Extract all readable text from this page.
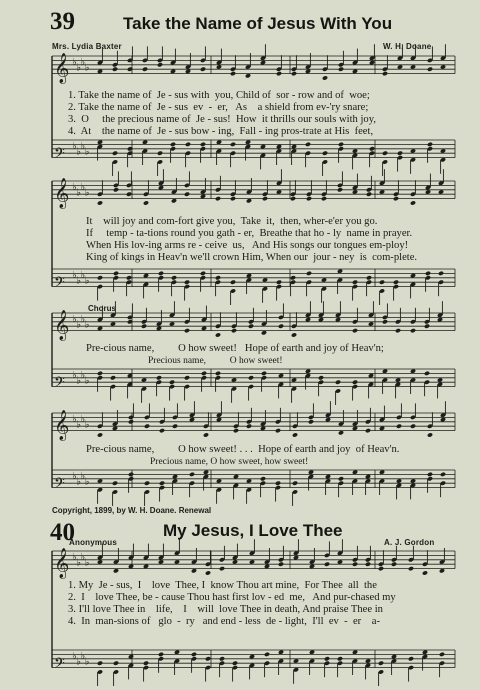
39	Take the Name of Jesus With You
Mrs. Lydia Baxter	W. H. Doane
𝄞 ♭ ♭ ♭ ♭
𝄢 ♭ ♭ ♭ ♭
𝄞 ♭ ♭ ♭ ♭
𝄢 ♭ ♭ ♭ ♭
𝄞 ♭ ♭ ♭ ♭
𝄢 ♭ ♭ ♭ ♭
𝄞 ♭ ♭ ♭ ♭
𝄢 ♭ ♭ ♭ ♭
𝄞 ♭ ♭ ♭ ♭
𝄢 ♭ ♭ ♭ ♭
1. Take the name of  Je - sus with  you, Child of  sor - row and of  woe;
2. Take the name of  Je - sus  ev  -  er,   As    a shield from ev-'ry snare;
3.  O     the precious name of  Je - sus!  How  it thrills our souls with joy,
4.  At    the name of  Je - sus bow - ing,  Fall - ing pros-trate at His  feet,
It    will joy and com-fort give you,  Take  it,  then, wher-e'er you go.
If     temp - ta-tions round you gath - er,  Breathe that ho - ly  name in prayer.
When His lov-ing arms re - ceive  us,   And His songs our tongues em-ploy!
King of kings in Heav'n we'll crown Him, When our  jour - ney  is  com-plete.
Chorus
Pre-cious name,         O how sweet!   Hope of earth and joy of Heav'n;
Precious name,          O how sweet!
Pre-cious name,         O how sweet! . . .  Hope of earth and joy  of Heav'n.
Precious name, O how sweet, how sweet!
Copyright, 1899, by W. H. Doane. Renewal
40	My Jesus, I Love Thee
Anonymous	A. J. Gordon
1. My  Je - sus,  I    love  Thee, I  know Thou art mine,  For Thee  all  the
2.  I    love Thee, be - cause Thou hast first lov - ed  me,   And pur-chased my
3. I'll love Thee in    life,    I    will  love Thee in death, And praise Thee in
4.  In  man-sions of   glo  -  ry   and end - less  de - light,  I'll  ev  -  er    a-
